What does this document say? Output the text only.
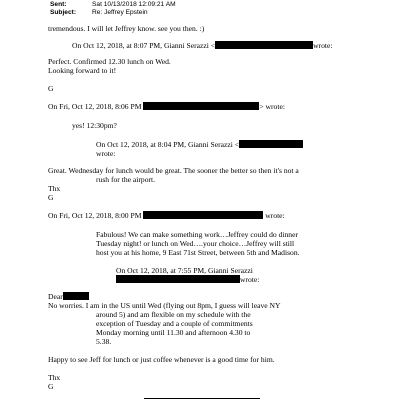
Sent:	Sat 10/13/2018 12:09:21 AM
Subject: Re: Jeffrey Epstein
tremendous. I will let Jeffrey know. see you then. :)
On Oct 12, 2018, at 8:07 PM, Gianni Serazzi <	wrote:
Perfect. Confirmed 12.30 lunch on Wed.
Looking forward to it!
G
On Fri, Oct 12, 2018, 8:06 PM	> wrote:
yes! 12:30pm?
On Oct 12, 2018, at 8:04 PM, Gianni Serazzi <
wrote:
Great. Wednesday for lunch would be great. The sooner the better so then it's not a
rush for the airport.
Thx
G
On Fri, Oct 12, 2018, 8:00 PM	wrote:
Fabulous! We can make something work…Jeffrey could do dinner
Tuesday night! or lunch on Wed….your choice…Jeffrey will still
host you at his home, 9 East 71st Street, between 5th and Madison.
On Oct 12, 2018, at 7:55 PM, Gianni Serazzi
wrote:
Dear
No worries. I am in the US until Wed (flying out 8pm, I guess will leave NY
around 5) and am flexible on my schedule with the
exception of Tuesday and a couple of commitments
Monday morning until 11.30 and afternoon 4.30 to
5.38.
Happy to see Jeff for lunch or just coffee whenever is a good time for him.
Thx
G
